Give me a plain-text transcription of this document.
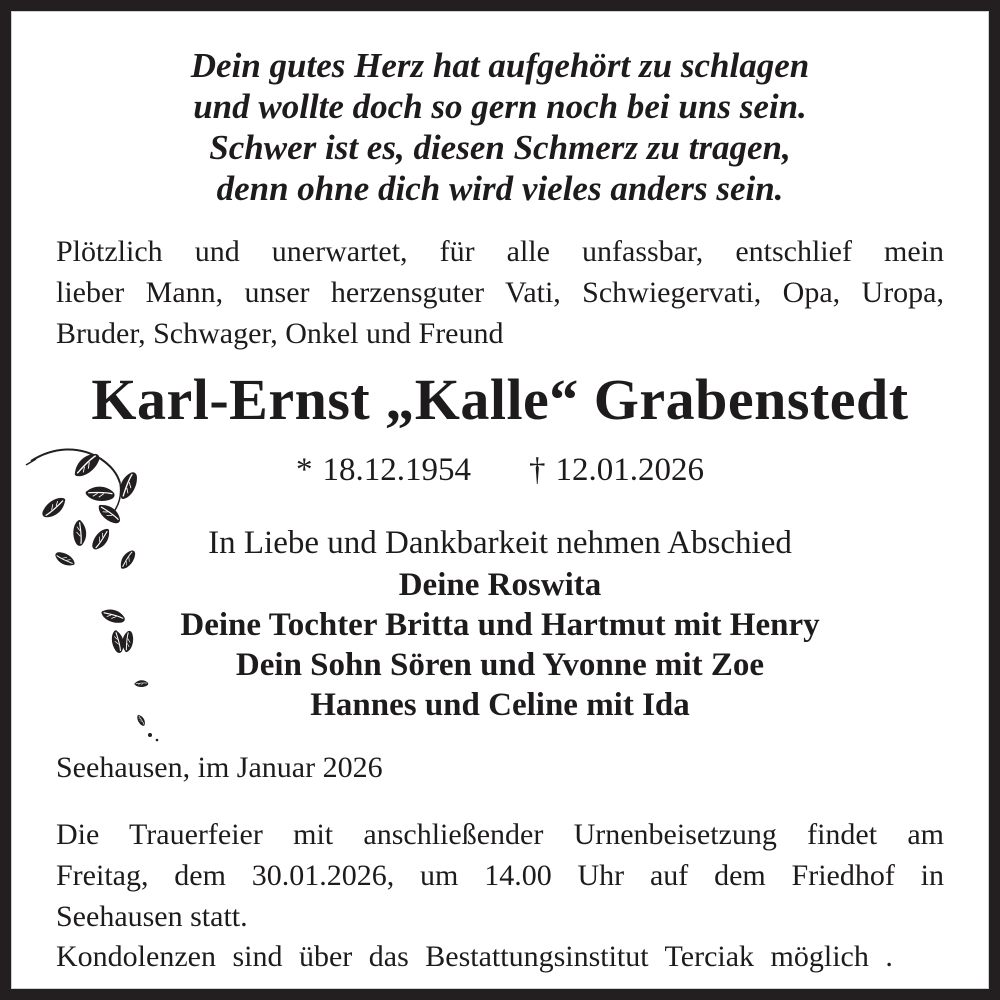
Dein gutes Herz hat aufgehört zu schlagen
und wollte doch so gern noch bei uns sein.
Schwer ist es, diesen Schmerz zu tragen,
denn ohne dich wird vieles anders sein.
Plötzlich und unerwartet, für alle unfassbar, entschlief mein
lieber Mann, unser herzensguter Vati, Schwiegervati, Opa, Uropa,
Bruder, Schwager, Onkel und Freund
Karl-Ernst „Kalle“ Grabenstedt
* 18.12.1954 † 12.01.2026
In Liebe und Dankbarkeit nehmen Abschied
Deine Roswita
Deine Tochter Britta und Hartmut mit Henry
Dein Sohn Sören und Yvonne mit Zoe
Hannes und Celine mit Ida
Seehausen, im Januar 2026
Die Trauerfeier mit anschließender Urnenbeisetzung findet am
Freitag, dem 30.01.2026, um 14.00 Uhr auf dem Friedhof in
Seehausen statt.
Kondolenzen sind über das Bestattungsinstitut Terciak möglich .
